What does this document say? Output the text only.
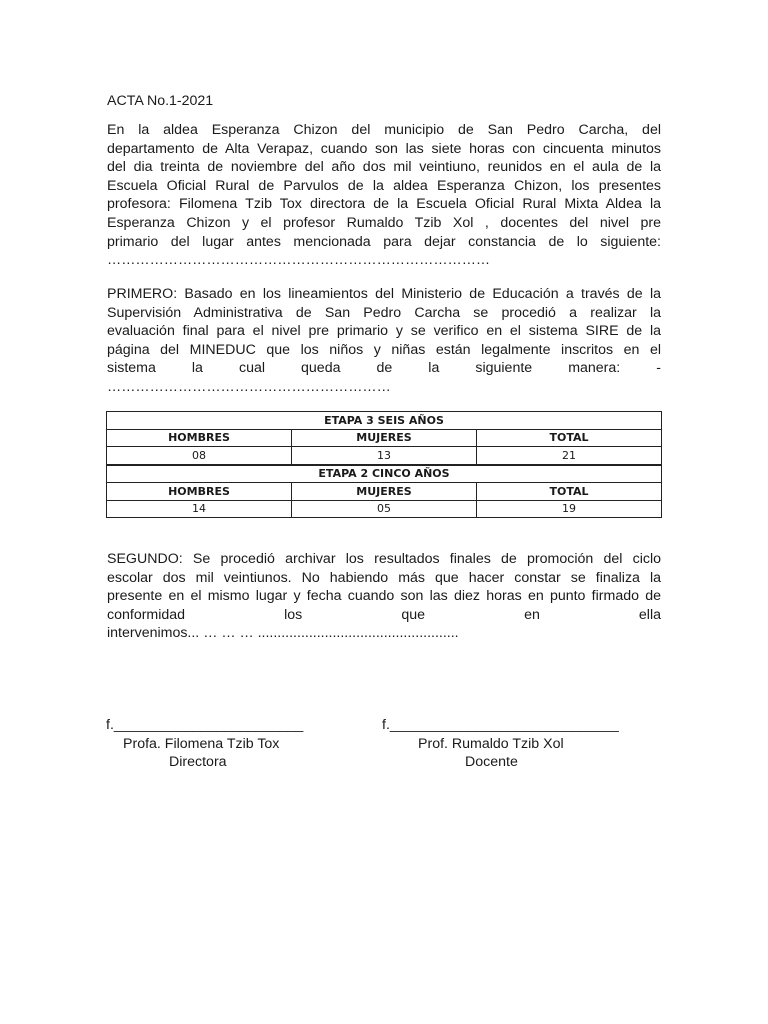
ACTA No.1-2021

En la aldea Esperanza Chizon del municipio de San Pedro Carcha, del
departamento de Alta Verapaz, cuando son las siete horas con cincuenta minutos
del dia treinta de noviembre del año dos mil veintiuno, reunidos en el aula de la
Escuela Oficial Rural de Parvulos de la aldea Esperanza Chizon, los presentes
profesora: Filomena Tzib Tox directora de la Escuela Oficial Rural Mixta Aldea la
Esperanza Chizon y el profesor Rumaldo Tzib Xol , docentes del nivel pre
primario del lugar antes mencionada para dejar constancia de lo siguiente:
………………………………………………………………………
PRIMERO: Basado en los lineamientos del Ministerio de Educación a través de la
Supervisión Administrativa de San Pedro Carcha se procedió a realizar la
evaluación final para el nivel pre primario y se verifico en el sistema SIRE de la
página del MINEDUC que los niños y niñas están legalmente inscritos en el
sistema la cual queda de la siguiente manera: -
……………………………………………………
ETAPA 3 SEIS AÑOS		
HOMBRES	MUJERES	TOTAL
08	13	21
ETAPA 2 CINCO AÑOS		
HOMBRES	MUJERES	TOTAL
14	05	19
SEGUNDO: Se procedió archivar los resultados finales de promoción del ciclo
escolar dos mil veintiunos. No habiendo más que hacer constar se finaliza la
presente en el mismo lugar y fecha cuando son las diez horas en punto firmado de
conformidad los que en ella
intervenimos... … … … ...................................................
f.________________________
Profa. Filomena Tzib Tox
Directora
f._____________________________
Prof. Rumaldo Tzib Xol
Docente
